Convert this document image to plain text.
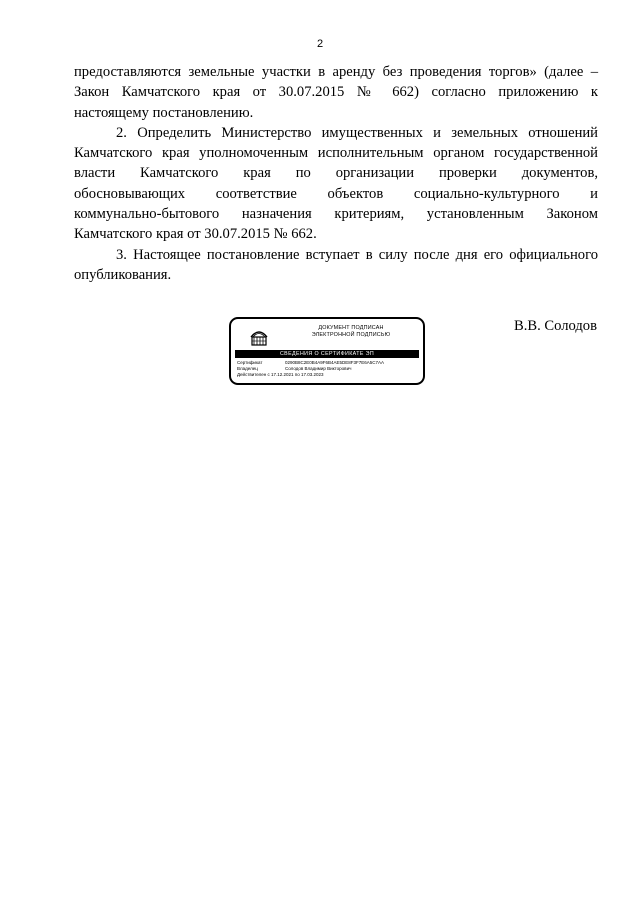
2

предоставляются земельные участки в аренду без проведения торгов» (далее –

Закон Камчатского края от 30.07.2015 № 662) согласно приложению к

настоящему постановлению.

2. Определить Министерство имущественных и земельных отношений

Камчатского края уполномоченным исполнительным органом государственной

власти Камчатского края по организации проверки документов,

обосновывающих соответствие объектов социально-культурного и

коммунально-бытового назначения критериям, установленным Законом

Камчатского края от 30.07.2015 № 662.

3. Настоящее постановление вступает в силу после дня его официального

опубликования.

ДОКУМЕНТ ПОДПИСАН
ЭЛЕКТРОННОЙ ПОДПИСЬЮ
СВЕДЕНИЯ О СЕРТИФИКАТЕ ЭП
Сертификат	0290B8C2E0B4A9F6B4AE5DE8F3F7E6A5C7AA
Владелец	Солодов Владимир Викторович
Действителен с 17.12.2021 по 17.03.2023
В.В. Солодов
